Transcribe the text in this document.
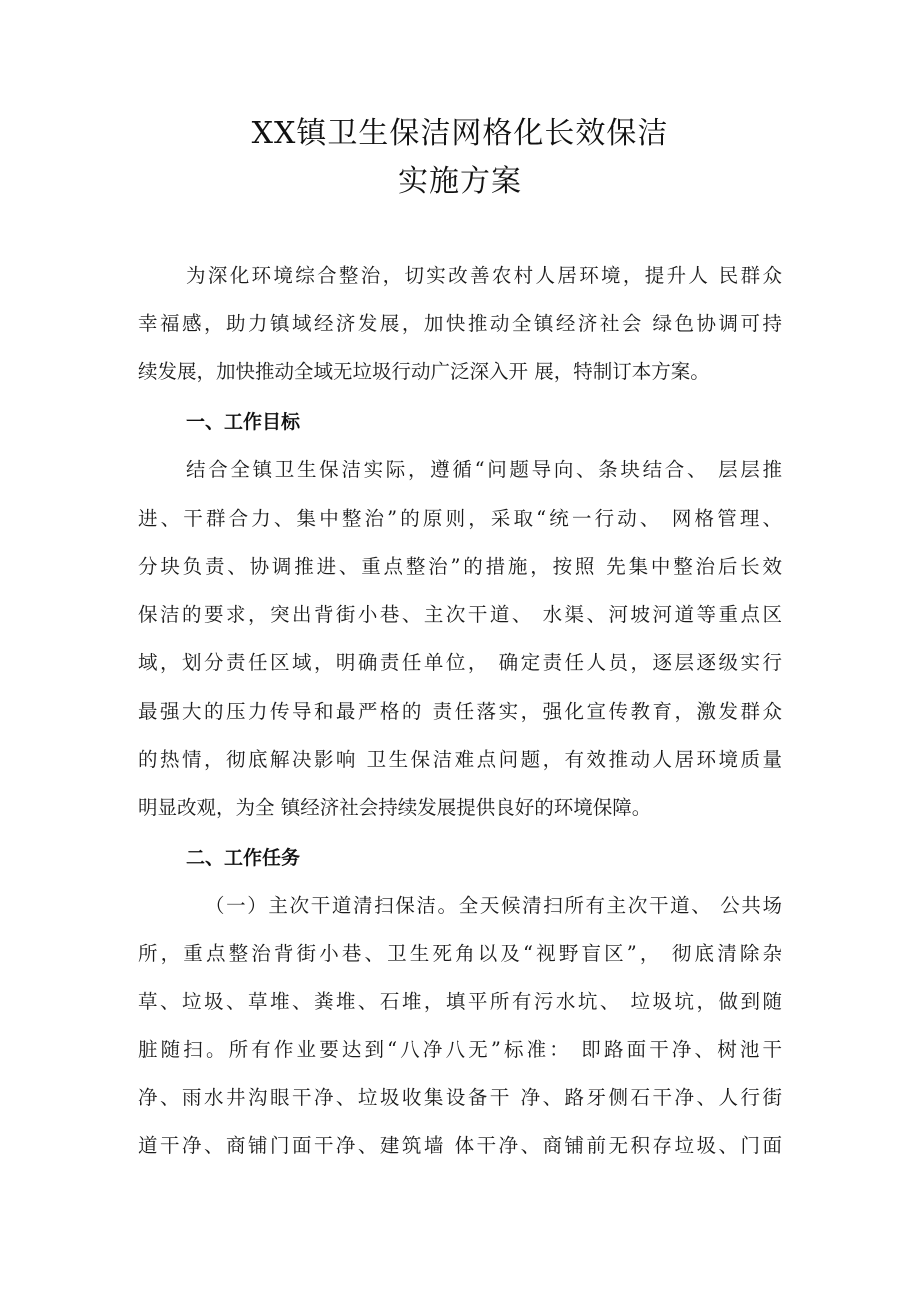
XX镇卫生保洁网格化长效保洁
实施方案
为深化环境综合整治，切实改善农村人居环境，提升人 民群众
幸福感，助力镇域经济发展，加快推动全镇经济社会 绿色协调可持
续发展，加快推动全域无垃圾行动广泛深入开 展，特制订本方案。
一、工作目标
结合全镇卫生保洁实际，遵循“问题导向、条块结合、 层层推
进、干群合力、集中整治”的原则，采取“统一行动、 网格管理、
分块负责、协调推进、重点整治”的措施，按照 先集中整治后长效
保洁的要求，突出背街小巷、主次干道、 水渠、河坡河道等重点区
域，划分责任区域，明确责任单位， 确定责任人员，逐层逐级实行
最强大的压力传导和最严格的 责任落实，强化宣传教育，激发群众
的热情，彻底解决影响 卫生保洁难点问题，有效推动人居环境质量
明显改观，为全 镇经济社会持续发展提供良好的环境保障。
二、工作任务
（一）主次干道清扫保洁。全天候清扫所有主次干道、 公共场
所，重点整治背街小巷、卫生死角以及“视野盲区”， 彻底清除杂
草、垃圾、草堆、粪堆、石堆，填平所有污水坑、 垃圾坑，做到随
脏随扫。所有作业要达到“八净八无”标准： 即路面干净、树池干
净、雨水井沟眼干净、垃圾收集设备干 净、路牙侧石干净、人行街
道干净、商铺门面干净、建筑墙 体干净、商铺前无积存垃圾、门面
